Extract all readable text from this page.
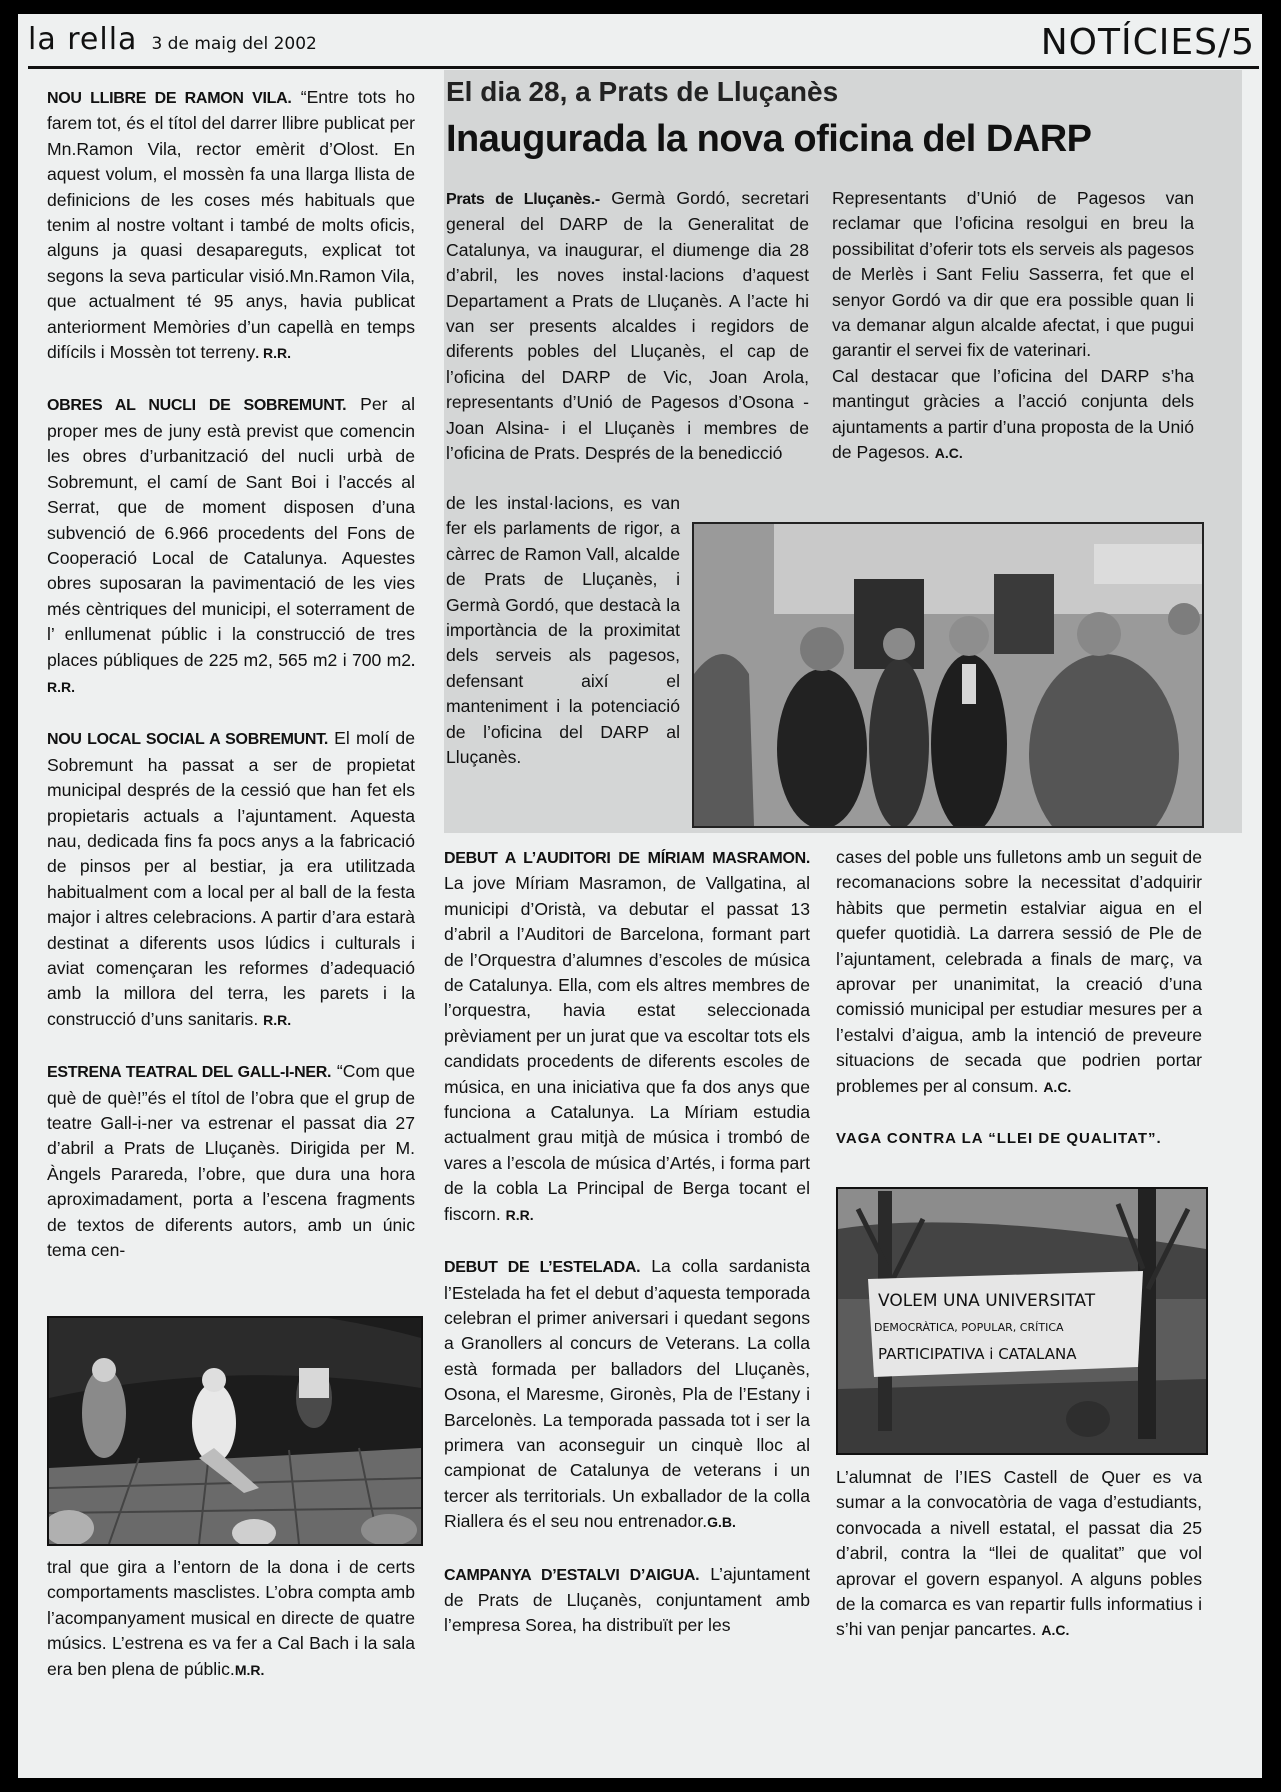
la rella 3 de maig del 2002	NOTÍCIES/5

NOU LLIBRE DE RAMON VILA. “Entre tots ho farem tot, és el títol del darrer llibre publicat per Mn.Ramon Vila, rector emèrit d’Olost. En aquest volum, el mossèn fa una llarga llista de definicions de les coses més habituals que tenim al nostre voltant i també de molts oficis, alguns ja quasi desapareguts, explicat tot segons la seva particular visió.Mn.Ramon Vila, que actualment té 95 anys, havia publicat anteriorment Memòries d’un capellà en temps difícils i Mossèn tot terreny. R.R.

OBRES AL NUCLI DE SOBREMUNT. Per al proper mes de juny està previst que comencin les obres d’urbanització del nucli urbà de Sobremunt, el camí de Sant Boi i l’accés al Serrat, que de moment disposen d’una subvenció de 6.966 procedents del Fons de Cooperació Local de Catalunya. Aquestes obres suposaran la pavimentació de les vies més cèntriques del municipi, el soterrament de l’ enllumenat públic i la construcció de tres places públiques de 225 m2, 565 m2 i 700 m2. R.R.

NOU LOCAL SOCIAL A SOBREMUNT. El molí de Sobremunt ha passat a ser de propietat municipal després de la cessió que han fet els propietaris actuals a l’ajuntament. Aquesta nau, dedicada fins fa pocs anys a la fabricació de pinsos per al bestiar, ja era utilitzada habitualment com a local per al ball de la festa major i altres celebracions. A partir d’ara estarà destinat a diferents usos lúdics i culturals i aviat començaran les reformes d’adequació amb la millora del terra, les parets i la construcció d’uns sanitaris. R.R.

ESTRENA TEATRAL DEL GALL-I-NER. “Com que què de què!”és el títol de l’obra que el grup de teatre Gall-i-ner va estrenar el passat dia 27 d’abril a Prats de Lluçanès. Dirigida per M. Àngels Parareda, l’obre, que dura una hora aproximadament, porta a l’escena fragments de textos de diferents autors, amb un únic tema cen-

tral que gira a l’entorn de la dona i de certs comportaments masclistes. L’obra compta amb l’acompanyament musical en directe de quatre músics. L’estrena es va fer a Cal Bach i la sala era ben plena de públic.M.R.

El dia 28, a Prats de Lluçanès
Inaugurada la nova oficina del DARP

Prats de Lluçanès.- Germà Gordó, secretari general del DARP de la Generalitat de Catalunya, va inaugurar, el diumenge dia 28 d’abril, les noves instal·lacions d’aquest Departament a Prats de Lluçanès. A l’acte hi van ser presents alcaldes i regidors de diferents pobles del Lluçanès, el cap de l’oficina del DARP de Vic, Joan Arola, representants d’Unió de Pagesos d’Osona -Joan Alsina- i el Lluçanès i membres de l’oficina de Prats. Després de la benedicció

de les instal·lacions, es van fer els parlaments de rigor, a càrrec de Ramon Vall, alcalde de Prats de Lluçanès, i Germà Gordó, que destacà la importància de la proximitat dels serveis als pagesos, defensant així el manteniment i la potenciació de l’oficina del DARP al Lluçanès.

Representants d’Unió de Pagesos van reclamar que l’oficina resolgui en breu la possibilitat d’oferir tots els serveis als pagesos de Merlès i Sant Feliu Sasserra, fet que el senyor Gordó va dir que era possible quan li va demanar algun alcalde afectat, i que pugui garantir el servei fix de vaterinari.

Cal destacar que l’oficina del DARP s’ha mantingut gràcies a l’acció conjunta dels ajuntaments a partir d’una proposta de la Unió de Pagesos. A.C.

DEBUT A L’AUDITORI DE MÍRIAM MASRAMON. La jove Míriam Masramon, de Vallgatina, al municipi d’Oristà, va debutar el passat 13 d’abril a l’Auditori de Barcelona, formant part de l’Orquestra d’alumnes d’escoles de música de Catalunya. Ella, com els altres membres de l’orquestra, havia estat seleccionada prèviament per un jurat que va escoltar tots els candidats procedents de diferents escoles de música, en una iniciativa que fa dos anys que funciona a Catalunya. La Míriam estudia actualment grau mitjà de música i trombó de vares a l’escola de música d’Artés, i forma part de la cobla La Principal de Berga tocant el fiscorn. R.R.

DEBUT DE L’ESTELADA. La colla sardanista l’Estelada ha fet el debut d’aquesta temporada celebran el primer aniversari i quedant segons a Granollers al concurs de Veterans. La colla està formada per balladors del Lluçanès, Osona, el Maresme, Gironès, Pla de l’Estany i Barcelonès. La temporada passada tot i ser la primera van aconseguir un cinquè lloc al campionat de Catalunya de veterans i un tercer als territorials. Un exballador de la colla Riallera és el seu nou entrenador.G.B.

CAMPANYA D’ESTALVI D’AIGUA. L’ajuntament de Prats de Lluçanès, conjuntament amb l’empresa Sorea, ha distribuït per les

cases del poble uns fulletons amb un seguit de recomanacions sobre la necessitat d’adquirir hàbits que permetin estalviar aigua en el quefer quotidià. La darrera sessió de Ple de l’ajuntament, celebrada a finals de març, va aprovar per unanimitat, la creació d’una comissió municipal per estudiar mesures per a l’estalvi d’aigua, amb la intenció de preveure situacions de secada que podrien portar problemes per al consum. A.C.

VAGA CONTRA LA “LLEI DE QUALITAT”.

VOLEM UNA UNIVERSITAT
DEMOCRÀTICA, POPULAR, CRÍTICA
PARTICIPATIVA i CATALANA

L’alumnat de l’IES Castell de Quer es va sumar a la convocatòria de vaga d’estudiants, convocada a nivell estatal, el passat dia 25 d’abril, contra la “llei de qualitat” que vol aprovar el govern espanyol. A alguns pobles de la comarca es van repartir fulls informatius i s’hi van penjar pancartes. A.C.
